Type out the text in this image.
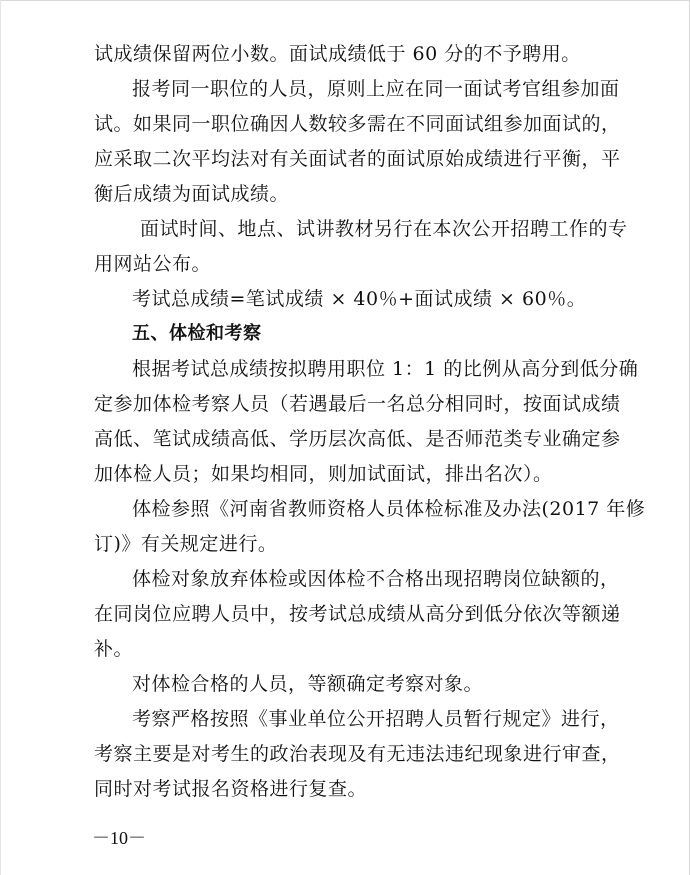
试成绩保留两位小数。面试成绩低于 60 分的不予聘用。
报考同一职位的人员，原则上应在同一面试考官组参加面
试。如果同一职位确因人数较多需在不同面试组参加面试的，
应采取二次平均法对有关面试者的面试原始成绩进行平衡，平
衡后成绩为面试成绩。
面试时间、地点、试讲教材另行在本次公开招聘工作的专
用网站公布。
考试总成绩=笔试成绩 × 40％+面试成绩 × 60％。
五、体检和考察
根据考试总成绩按拟聘用职位 1：1 的比例从高分到低分确
定参加体检考察人员（若遇最后一名总分相同时，按面试成绩
高低、笔试成绩高低、学历层次高低、是否师范类专业确定参
加体检人员；如果均相同，则加试面试，排出名次）。
体检参照《河南省教师资格人员体检标准及办法(2017 年修
订)》有关规定进行。
体检对象放弃体检或因体检不合格出现招聘岗位缺额的，
在同岗位应聘人员中，按考试总成绩从高分到低分依次等额递
补。
对体检合格的人员，等额确定考察对象。
考察严格按照《事业单位公开招聘人员暂行规定》进行，
考察主要是对考生的政治表现及有无违法违纪现象进行审查，
同时对考试报名资格进行复查。
－10－
